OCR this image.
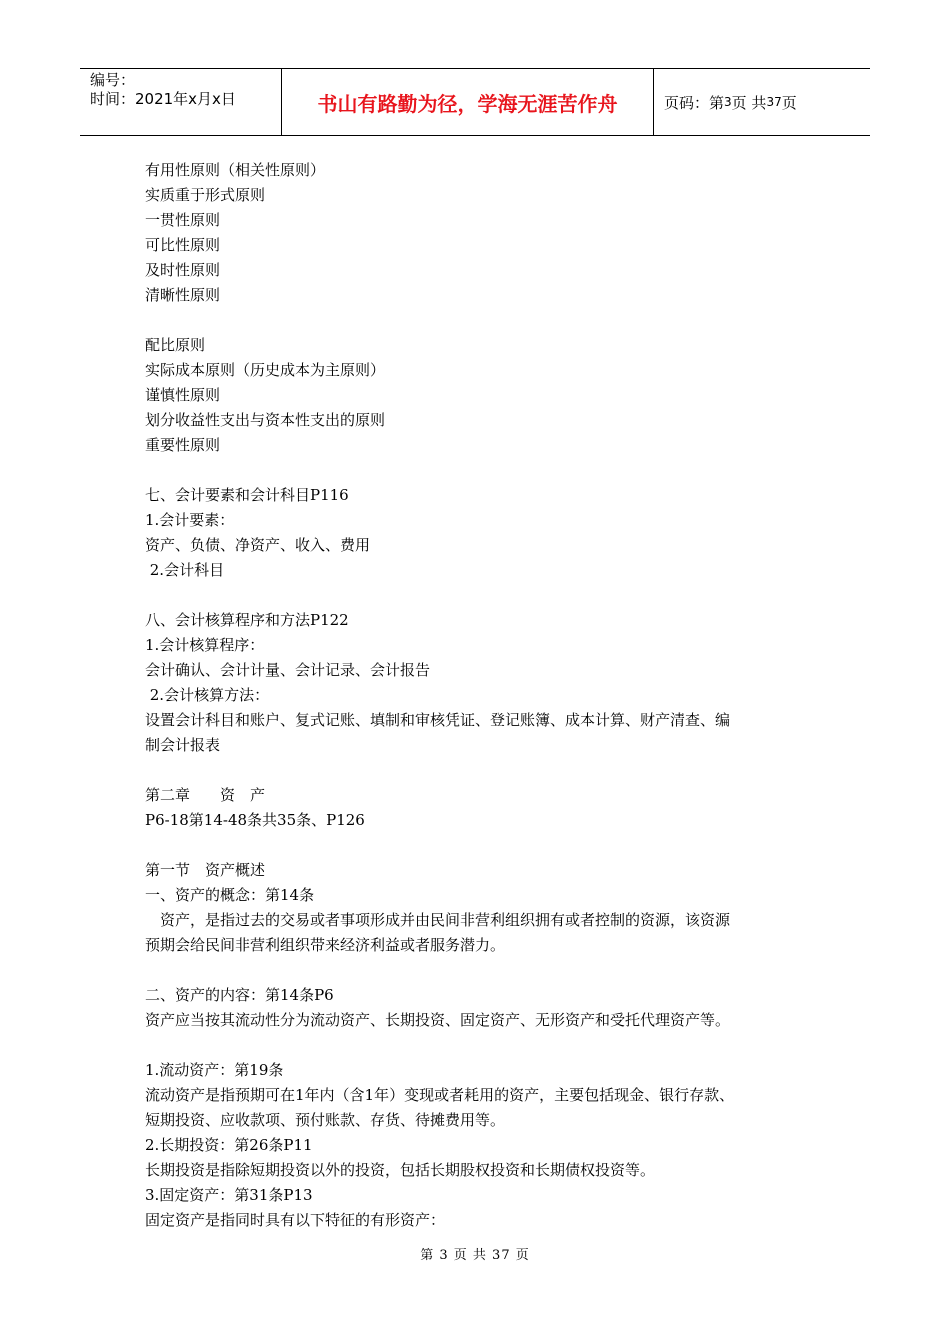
编号：
时间：2021年x月x日	书山有路勤为径，学海无涯苦作舟	页码：第 3 页 共 37 页
有用性原则（相关性原则）
实质重于形式原则
一贯性原则
可比性原则
及时性原则
清晰性原则
配比原则
实际成本原则（历史成本为主原则）
谨慎性原则
划分收益性支出与资本性支出的原则
重要性原则
七、会计要素和会计科目P116
1.会计要素：
资产、负债、净资产、收入、费用
2.会计科目
八、会计核算程序和方法P122
1.会计核算程序：
会计确认、会计计量、会计记录、会计报告
2.会计核算方法：
设置会计科目和账户、复式记账、填制和审核凭证、登记账簿、成本计算、财产清查、编
制会计报表
第二章　　资　产
P6-18第14-48条共35条、P126
第一节　资产概述
一、资产的概念：第14条
　资产，是指过去的交易或者事项形成并由民间非营利组织拥有或者控制的资源，该资源
预期会给民间非营利组织带来经济利益或者服务潜力。
二、资产的内容：第14条P6
资产应当按其流动性分为流动资产、长期投资、固定资产、无形资产和受托代理资产等。
1.流动资产：第19条
流动资产是指预期可在1年内（含1年）变现或者耗用的资产，主要包括现金、银行存款、
短期投资、应收款项、预付账款、存货、待摊费用等。
2.长期投资：第26条P11
长期投资是指除短期投资以外的投资，包括长期股权投资和长期债权投资等。
3.固定资产：第31条P13
固定资产是指同时具有以下特征的有形资产：
第 3 页 共 37 页
